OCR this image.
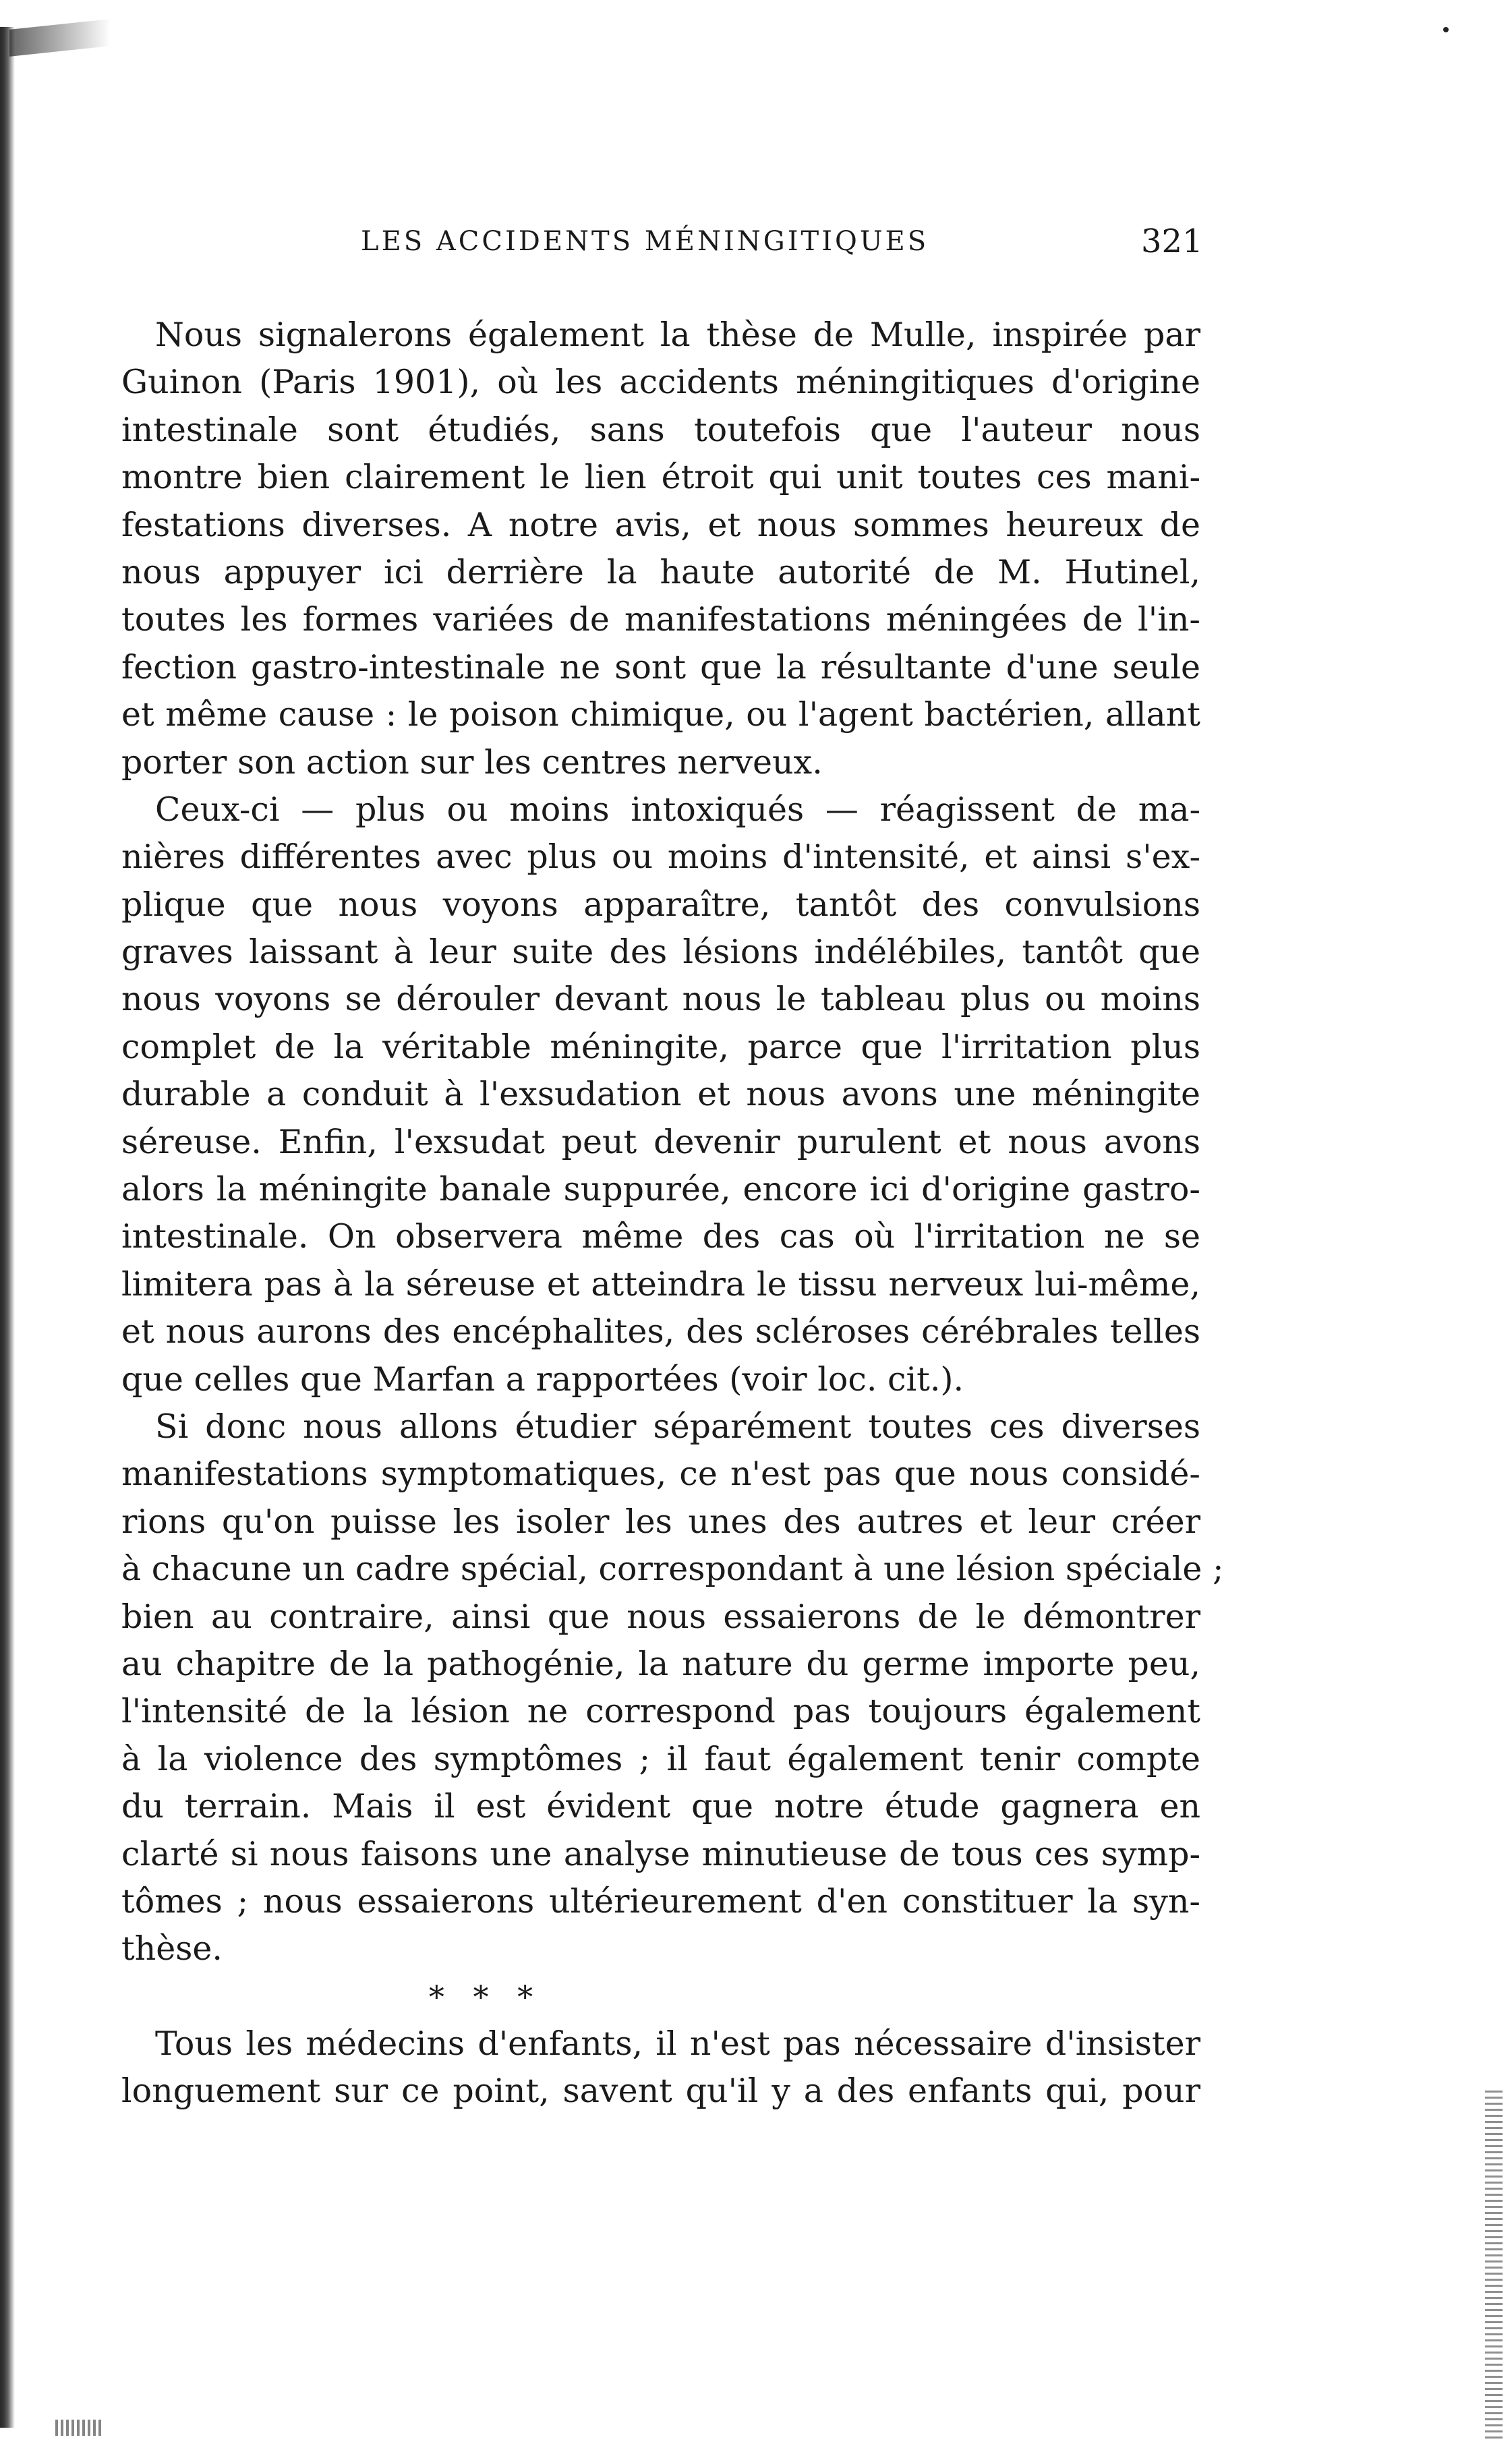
LES ACCIDENTS MÉNINGITIQUES	321
Nous signalerons également la thèse de Mulle, inspirée par
Guinon (Paris 1901), où les accidents méningitiques d'origine
intestinale sont étudiés, sans toutefois que l'auteur nous
montre bien clairement le lien étroit qui unit toutes ces mani-
festations diverses. A notre avis, et nous sommes heureux de
nous appuyer ici derrière la haute autorité de M. Hutinel,
toutes les formes variées de manifestations méningées de l'in-
fection gastro-intestinale ne sont que la résultante d'une seule
et même cause : le poison chimique, ou l'agent bactérien, allant
porter son action sur les centres nerveux.
Ceux-ci — plus ou moins intoxiqués — réagissent de ma-
nières différentes avec plus ou moins d'intensité, et ainsi s'ex-
plique que nous voyons apparaître, tantôt des convulsions
graves laissant à leur suite des lésions indélébiles, tantôt que
nous voyons se dérouler devant nous le tableau plus ou moins
complet de la véritable méningite, parce que l'irritation plus
durable a conduit à l'exsudation et nous avons une méningite
séreuse. Enfin, l'exsudat peut devenir purulent et nous avons
alors la méningite banale suppurée, encore ici d'origine gastro-
intestinale. On observera même des cas où l'irritation ne se
limitera pas à la séreuse et atteindra le tissu nerveux lui-même,
et nous aurons des encéphalites, des scléroses cérébrales telles
que celles que Marfan a rapportées (voir loc. cit.).
Si donc nous allons étudier séparément toutes ces diverses
manifestations symptomatiques, ce n'est pas que nous considé-
rions qu'on puisse les isoler les unes des autres et leur créer
à chacune un cadre spécial, correspondant à une lésion spéciale ;
bien au contraire, ainsi que nous essaierons de le démontrer
au chapitre de la pathogénie, la nature du germe importe peu,
l'intensité de la lésion ne correspond pas toujours également
à la violence des symptômes ; il faut également tenir compte
du terrain. Mais il est évident que notre étude gagnera en
clarté si nous faisons une analyse minutieuse de tous ces symp-
tômes ; nous essaierons ultérieurement d'en constituer la syn-
thèse.
* * *
Tous les médecins d'enfants, il n'est pas nécessaire d'insister
longuement sur ce point, savent qu'il y a des enfants qui, pour
